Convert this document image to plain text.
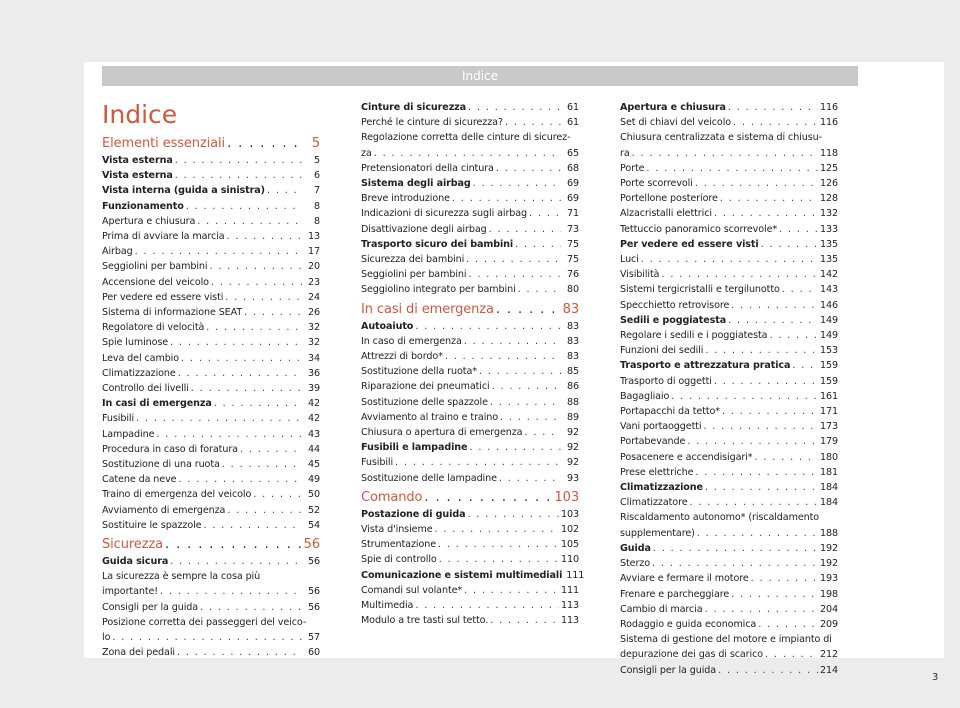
Indice
Indice
Elementi essenziali . . .	5
Vista esterna . . .	5
Vista esterna . . .	6
Vista interna (guida a sinistra) . . .	7
Funzionamento . . .	8
Apertura e chiusura . . .	8
Prima di avviare la marcia . . .	13
Airbag . . .	17
Seggiolini per bambini . . .	20
Accensione del veicolo . . .	23
Per vedere ed essere visti . . .	24
Sistema di informazione SEAT . . .	26
Regolatore di velocità . . .	32
Spie luminose . . .	32
Leva del cambio . . .	34
Climatizzazione . . .	36
Controllo dei livelli . . .	39
In casi di emergenza . . .	42
Fusibili . . .	42
Lampadine . . .	43
Procedura in caso di foratura . . .	44
Sostituzione di una ruota . . .	45
Catene da neve . . .	49
Traino di emergenza del veicolo . . .	50
Avviamento di emergenza . . .	52
Sostituire le spazzole . . .	54
Sicurezza . . .	56
Guida sicura . . .	56
La sicurezza è sempre la cosa più
importante! . . .	56
Consigli per la guida . . .	56
Posizione corretta dei passeggeri del veico-
lo . . .	57
Zona dei pedali . . .	60
Cinture di sicurezza . . .	61
Perché le cinture di sicurezza? . . .	61
Regolazione corretta delle cinture di sicurez-
za . . .	65
Pretensionatori della cintura . . .	68
Sistema degli airbag . . .	69
Breve introduzione . . .	69
Indicazioni di sicurezza sugli airbag . . .	71
Disattivazione degli airbag . . .	73
Trasporto sicuro dei bambini . . .	75
Sicurezza dei bambini . . .	75
Seggiolini per bambini . . .	76
Seggiolino integrato per bambini . . .	80
In casi di emergenza . . .	83
Autoaiuto . . .	83
In caso di emergenza . . .	83
Attrezzi di bordo* . . .	83
Sostituzione della ruota* . . .	85
Riparazione dei pneumatici . . .	86
Sostituzione delle spazzole . . .	88
Avviamento al traino e traino . . .	89
Chiusura o apertura di emergenza . . .	92
Fusibili e lampadine . . .	92
Fusibili . . .	92
Sostituzione delle lampadine . . .	93
Comando . . .	103
Postazione di guida . . .	103
Vista d'insieme . . .	102
Strumentazione . . .	105
Spie di controllo . . .	110
Comunicazione e sistemi multimediali 111
Comandi sul volante* . . .	111
Multimedia . . .	113
Modulo a tre tasti sul tetto. . . .	113
Apertura e chiusura . . .	116
Set di chiavi del veicolo . . .	116
Chiusura centralizzata e sistema di chiusu-
ra . . .	118
Porte . . .	125
Porte scorrevoli . . .	126
Portellone posteriore . . .	128
Alzacristalli elettrici . . .	132
Tettuccio panoramico scorrevole* . . .	133
Per vedere ed essere visti . . .	135
Luci . . .	135
Visibilità . . .	142
Sistemi tergicristalli e tergilunotto . . .	143
Specchietto retrovisore . . .	146
Sedili e poggiatesta . . .	149
Regolare i sedili e i poggiatesta . . .	149
Funzioni dei sedili . . .	153
Trasporto e attrezzatura pratica . . .	159
Trasporto di oggetti . . .	159
Bagagliaio . . .	161
Portapacchi da tetto* . . .	171
Vani portaoggetti . . .	173
Portabevande . . .	179
Posacenere e accendisigari* . . .	180
Prese elettriche . . .	181
Climatizzazione . . .	184
Climatizzatore . . .	184
Riscaldamento autonomo* (riscaldamento
supplementare) . . .	188
Guida . . .	192
Sterzo . . .	192
Avviare e fermare il motore . . .	193
Frenare e parcheggiare . . .	198
Cambio di marcia . . .	204
Rodaggio e guida economica . . .	209
Sistema di gestione del motore e impianto di
depurazione dei gas di scarico . . .	212
Consigli per la guida . . .	214
3
